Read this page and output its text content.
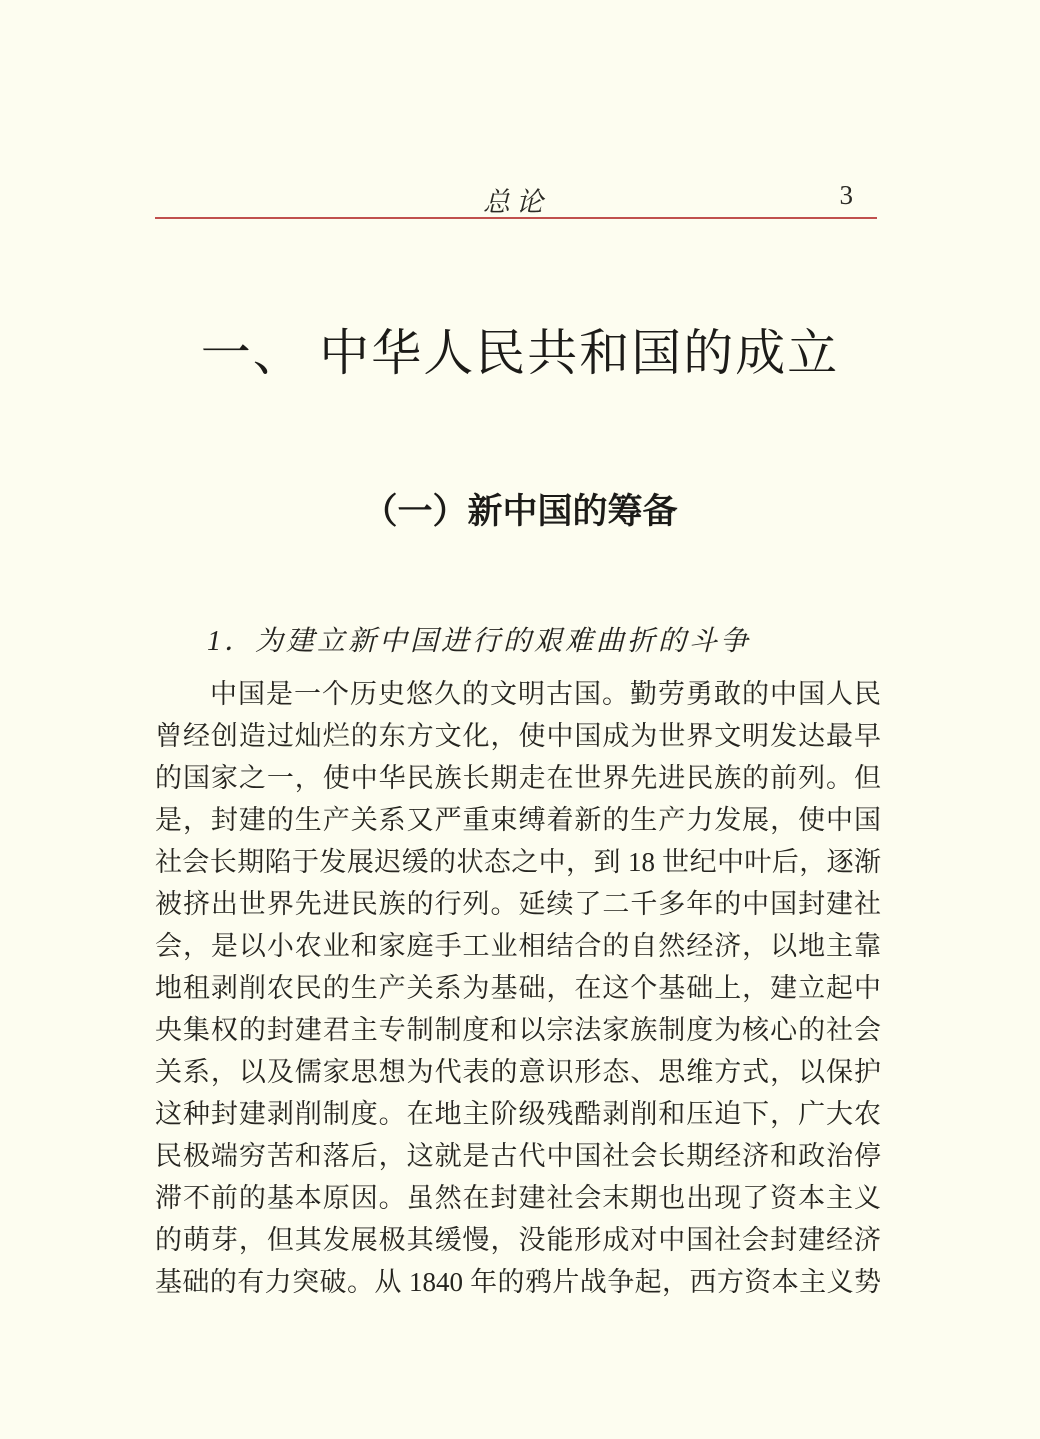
总论	3
一、 中华人民共和国的成立
（一）新中国的筹备
1．为建立新中国进行的艰难曲折的斗争
中国是一个历史悠久的文明古国。勤劳勇敢的中国人民
曾经创造过灿烂的东方文化，使中国成为世界文明发达最早
的国家之一，使中华民族长期走在世界先进民族的前列。但
是，封建的生产关系又严重束缚着新的生产力发展，使中国
社会长期陷于发展迟缓的状态之中，到 18 世纪中叶后，逐渐
被挤出世界先进民族的行列。延续了二千多年的中国封建社
会，是以小农业和家庭手工业相结合的自然经济，以地主靠
地租剥削农民的生产关系为基础，在这个基础上，建立起中
央集权的封建君主专制制度和以宗法家族制度为核心的社会
关系，以及儒家思想为代表的意识形态、思维方式，以保护
这种封建剥削制度。在地主阶级残酷剥削和压迫下，广大农
民极端穷苦和落后，这就是古代中国社会长期经济和政治停
滞不前的基本原因。虽然在封建社会末期也出现了资本主义
的萌芽，但其发展极其缓慢，没能形成对中国社会封建经济
基础的有力突破。从 1840 年的鸦片战争起，西方资本主义势
